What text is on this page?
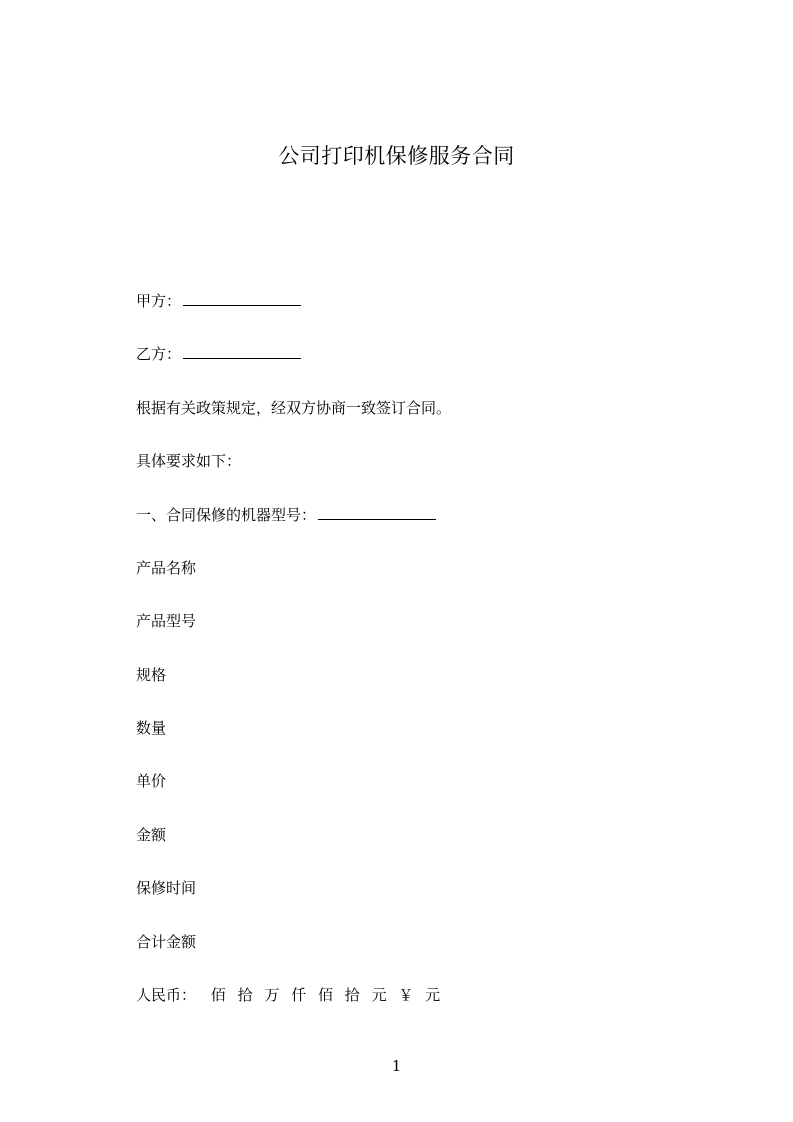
公司打印机保修服务合同
甲方：
乙方：
根据有关政策规定，经双方协商一致签订合同。
具体要求如下：
一、合同保修的机器型号：
产品名称
产品型号
规格
数量
单价
金额
保修时间
合计金额
人民币： 佰 拾 万 仟 佰 拾 元 ￥ 元
1
